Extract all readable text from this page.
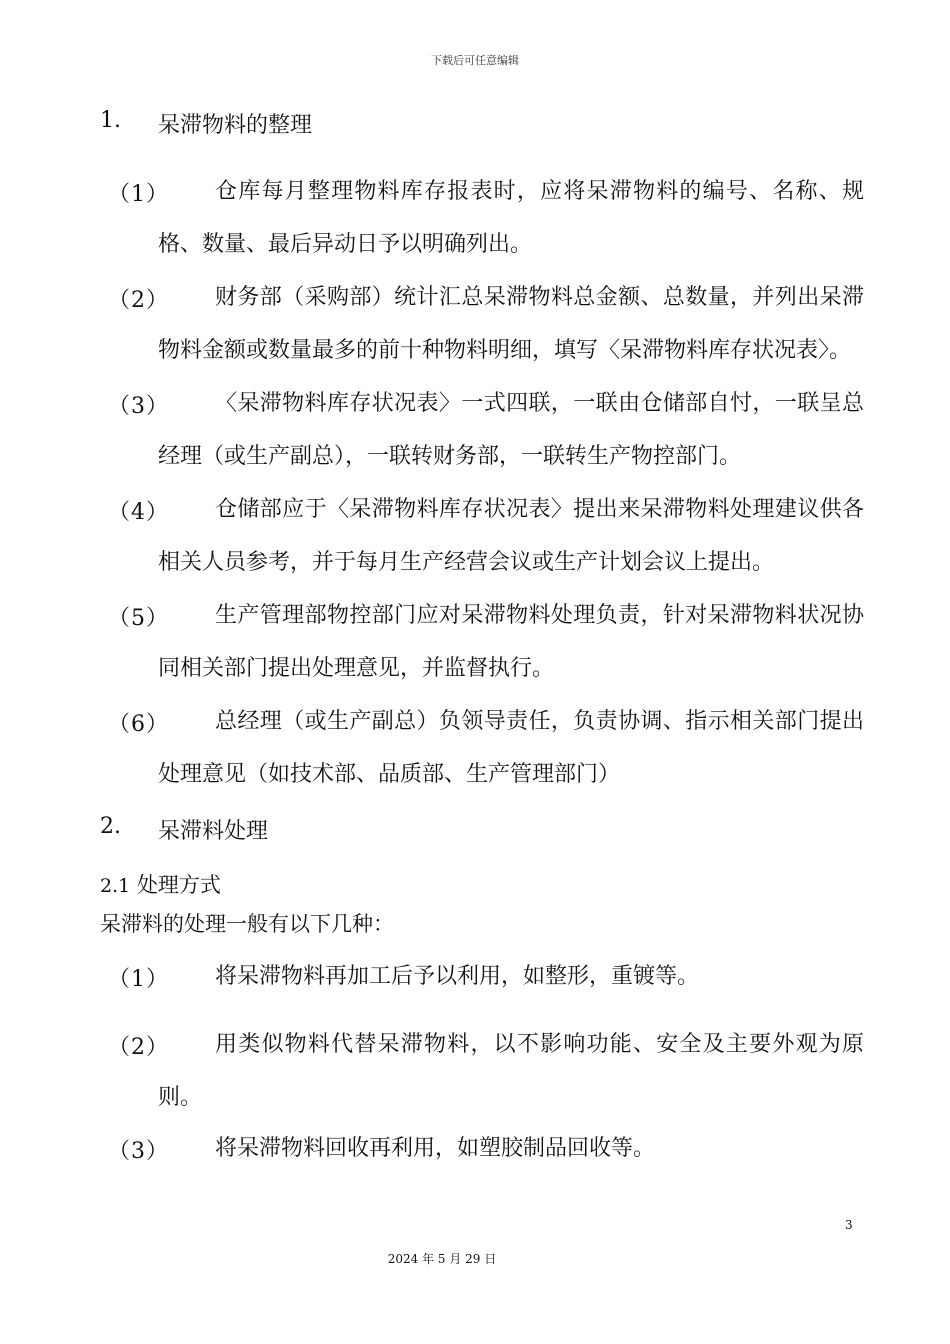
下载后可任意编辑
1. 呆滞物料的整理
（1）	仓库每月整理物料库存报表时，应将呆滞物料的编号、名称、规格、数量、最后异动日予以明确列出。

（2）	财务部（采购部）统计汇总呆滞物料总金额、总数量，并列出呆滞物料金额或数量最多的前十种物料明细，填写〈呆滞物料库存状况表〉。

（3）	〈呆滞物料库存状况表〉一式四联，一联由仓储部自忖，一联呈总经理（或生产副总），一联转财务部，一联转生产物控部门。

（4）	仓储部应于〈呆滞物料库存状况表〉提出来呆滞物料处理建议供各相关人员参考，并于每月生产经营会议或生产计划会议上提出。

（5）	生产管理部物控部门应对呆滞物料处理负责，针对呆滞物料状况协同相关部门提出处理意见，并监督执行。

（6）	总经理（或生产副总）负领导责任，负责协调、指示相关部门提出处理意见（如技术部、品质部、生产管理部门）

2. 呆滞料处理
2.1 处理方式
呆滞料的处理一般有以下几种：
（1）	将呆滞物料再加工后予以利用，如整形，重镀等。

（2）	用类似物料代替呆滞物料，以不影响功能、安全及主要外观为原则。

（3）	将呆滞物料回收再利用，如塑胶制品回收等。

3
2024 年 5 月 29 日
